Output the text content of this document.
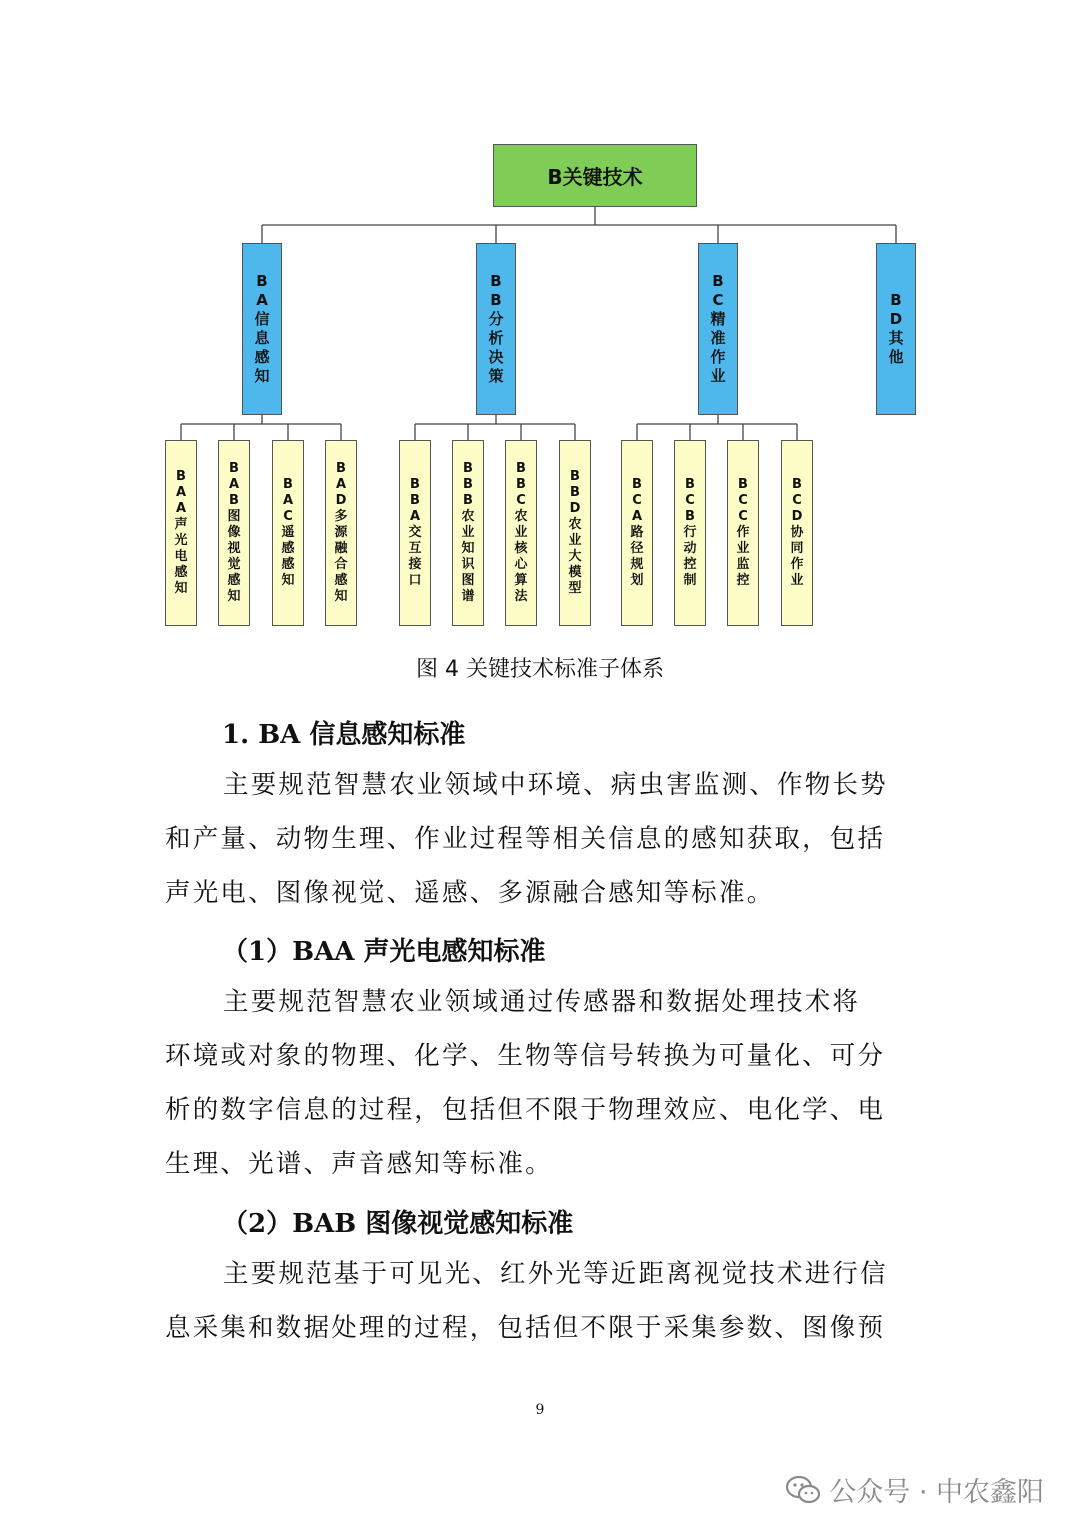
B关键技术
BA信息感知
BB分析决策
BC精准作业
BD其他
BAA声光电感知
BAB图像视觉感知
BAC遥感感知
BAD多源融合感知
BBA交互接口
BBB农业知识图谱
BBC农业核心算法
BBD农业大模型
BCA路径规划
BCB行动控制
BCC作业监控
BCD协同作业
图 4 关键技术标准子体系
1. BA 信息感知标准
主要规范智慧农业领域中环境、病虫害监测、作物长势
和产量、动物生理、作业过程等相关信息的感知获取，包括
声光电、图像视觉、遥感、多源融合感知等标准。
（1）BAA 声光电感知标准
主要规范智慧农业领域通过传感器和数据处理技术将
环境或对象的物理、化学、生物等信号转换为可量化、可分
析的数字信息的过程，包括但不限于物理效应、电化学、电
生理、光谱、声音感知等标准。
（2）BAB 图像视觉感知标准
主要规范基于可见光、红外光等近距离视觉技术进行信
息采集和数据处理的过程，包括但不限于采集参数、图像预
9
公众号 · 中农鑫阳
